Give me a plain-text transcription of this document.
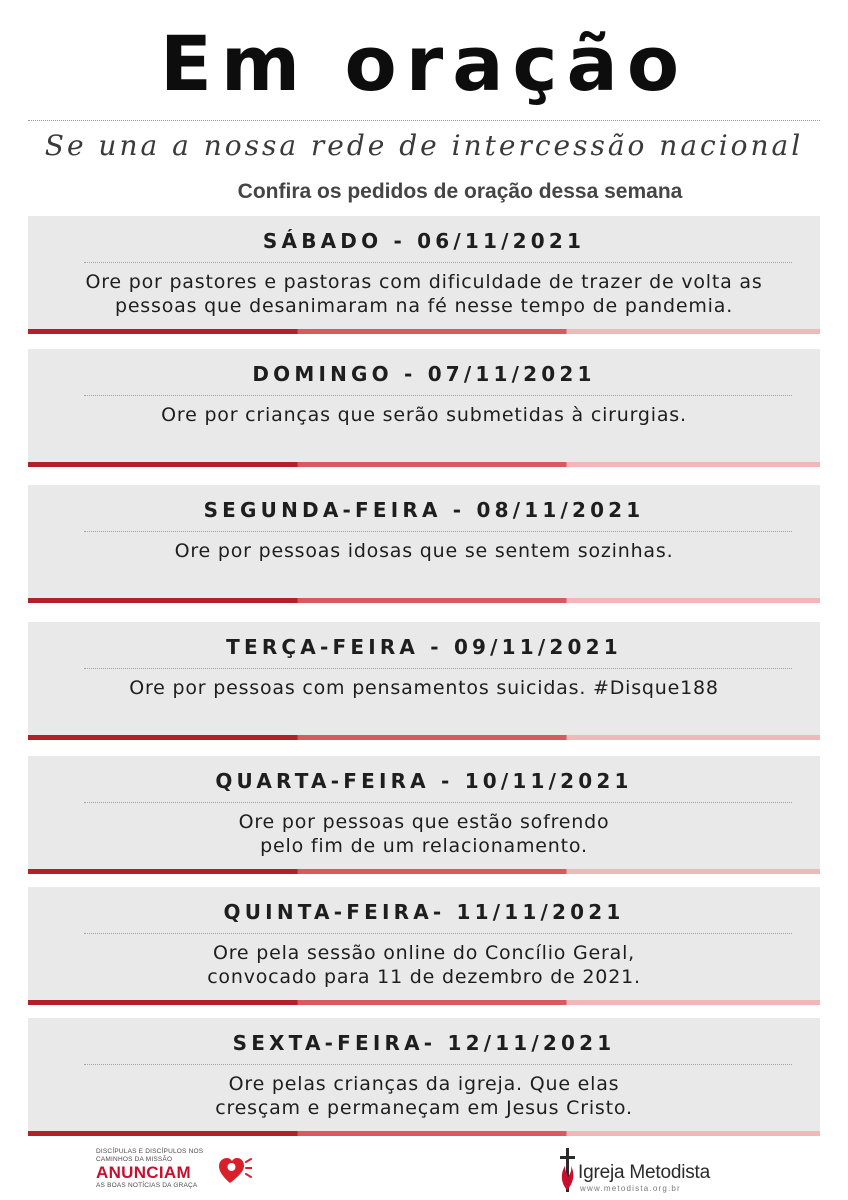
Em oração
Se una a nossa rede de intercessão nacional
Confira os pedidos de oração dessa semana
SÁBADO - 06/11/2021
Ore por pastores e pastoras com dificuldade de trazer de volta as
pessoas que desanimaram na fé nesse tempo de pandemia.
DOMINGO - 07/11/2021
Ore por crianças que serão submetidas à cirurgias.
SEGUNDA-FEIRA - 08/11/2021
Ore por pessoas idosas que se sentem sozinhas.
TERÇA-FEIRA - 09/11/2021
Ore por pessoas com pensamentos suicidas. #Disque188
QUARTA-FEIRA - 10/11/2021
Ore por pessoas que estão sofrendo
pelo fim de um relacionamento.
QUINTA-FEIRA- 11/11/2021
Ore pela sessão online do Concílio Geral,
convocado para 11 de dezembro de 2021.
SEXTA-FEIRA- 12/11/2021
Ore pelas crianças da igreja. Que elas
cresçam e permaneçam em Jesus Cristo.
DISCÍPULAS E DISCÍPULOS NOS
CAMINHOS DA MISSÃO
ANUNCIAM
AS BOAS NOTÍCIAS DA GRAÇA
Igreja Metodista
www.metodista.org.br
